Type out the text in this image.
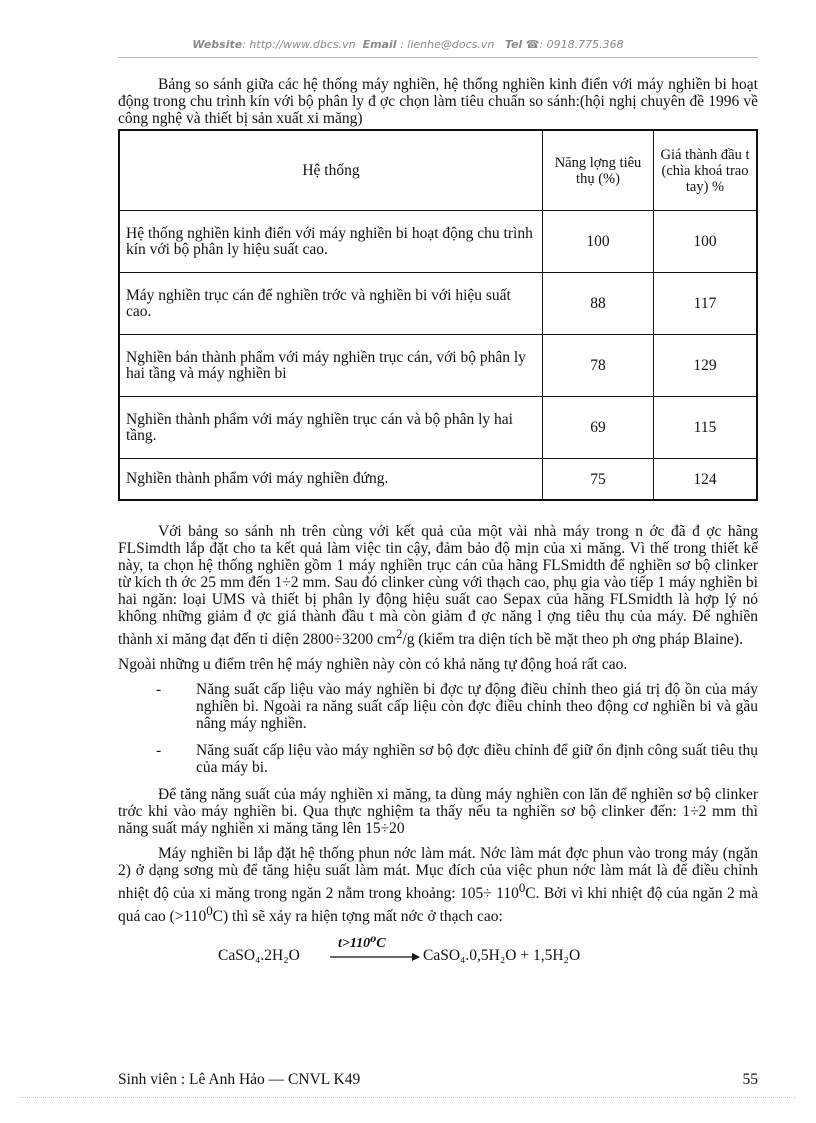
Website: http://www.dbcs.vn Email : lienhe@docs.vn Tel ☎: 0918.775.368

Bảng so sánh giữa các hệ thống máy nghiền, hệ thống nghiền kinh điển với máy nghiền bi hoạt động trong chu trình kín với bộ phân ly đ ợc chọn làm tiêu chuẩn so sánh:(hội nghị chuyên đề 1996 về công nghệ và thiết bị sản xuất xi măng)

Hệ thống	Năng lợng tiêu thụ (%)	Giá thành đầu t (chìa khoá trao tay) %
Hệ thống nghiền kinh điển với máy nghiền bi hoạt động chu trình kín với bộ phân ly hiệu suất cao.	100	100
Máy nghiền trục cán để nghiền trớc và nghiền bi với hiệu suất cao.	88	117
Nghiền bán thành phẩm với máy nghiền trục cán, với bộ phân ly hai tầng và máy nghiền bi	78	129
Nghiền thành phẩm với máy nghiền trục cán và bộ phân ly hai tầng.	69	115
Nghiền thành phẩm với máy nghiền đứng.	75	124

Với bảng so sánh nh trên cùng với kết quả của một vài nhà máy trong n ớc đã đ ợc hãng FLSimdth lắp đặt cho ta kết quả làm việc tin cậy, đảm bảo độ mịn của xi măng. Vì thế trong thiết kế này, ta chọn hệ thống nghiền gồm 1 máy nghiền trục cán của hãng FLSmidth để nghiền sơ bộ clinker từ kích th ớc 25 mm đến 1÷2 mm. Sau đó clinker cùng với thạch cao, phụ gia vào tiếp 1 máy nghiền bi hai ngăn: loại UMS và thiết bị phân ly động hiệu suất cao Sepax của hãng FLSmidth là hợp lý nó không những giảm đ ợc giá thành đầu t mà còn giảm đ ợc năng l ợng tiêu thụ của máy. Để nghiền thành xi măng đạt đến tỉ diện 2800÷3200 $cm^2/g$ (kiểm tra diện tích bề mặt theo ph ơng pháp Blaine).

Ngoài những u điểm trên hệ máy nghiền này còn có khả năng tự động hoá rất cao.

- Năng suất cấp liệu vào máy nghiền bi đợc tự động điều chỉnh theo giá trị độ ồn của máy nghiền bi. Ngoài ra năng suất cấp liệu còn đợc điều chỉnh theo động cơ nghiền bi và gầu nâng máy nghiền.
- Năng suất cấp liệu vào máy nghiền sơ bộ đợc điều chỉnh để giữ ổn định công suất tiêu thụ của máy bi.

Để tăng năng suất của máy nghiền xi măng, ta dùng máy nghiền con lăn để nghiền sơ bộ clinker trớc khi vào máy nghiền bi. Qua thực nghiệm ta thấy nếu ta nghiền sơ bộ clinker đến: 1÷2 mm thì năng suất máy nghiền xi măng tăng lên 15÷20

Máy nghiền bi lắp đặt hệ thống phun nớc làm mát. Nớc làm mát đợc phun vào trong máy (ngăn 2) ở dạng sơng mù để tăng hiệu suất làm mát. Mục đích của việc phun nớc làm mát là để điều chỉnh nhiệt độ của xi măng trong ngăn 2 nằm trong khoảng: $105\div 110^0C$. Bởi vì khi nhiệt độ của ngăn 2 mà quá cao $(>110^0C)$ thì sẽ xảy ra hiện tợng mất nớc ở thạch cao:

CaSO₄.2H₂O
t>110⁰C
CaSO₄.0,5H₂O + 1,5H₂O
Sinh viên : Lê Anh Hảo — CNVL K49	55
